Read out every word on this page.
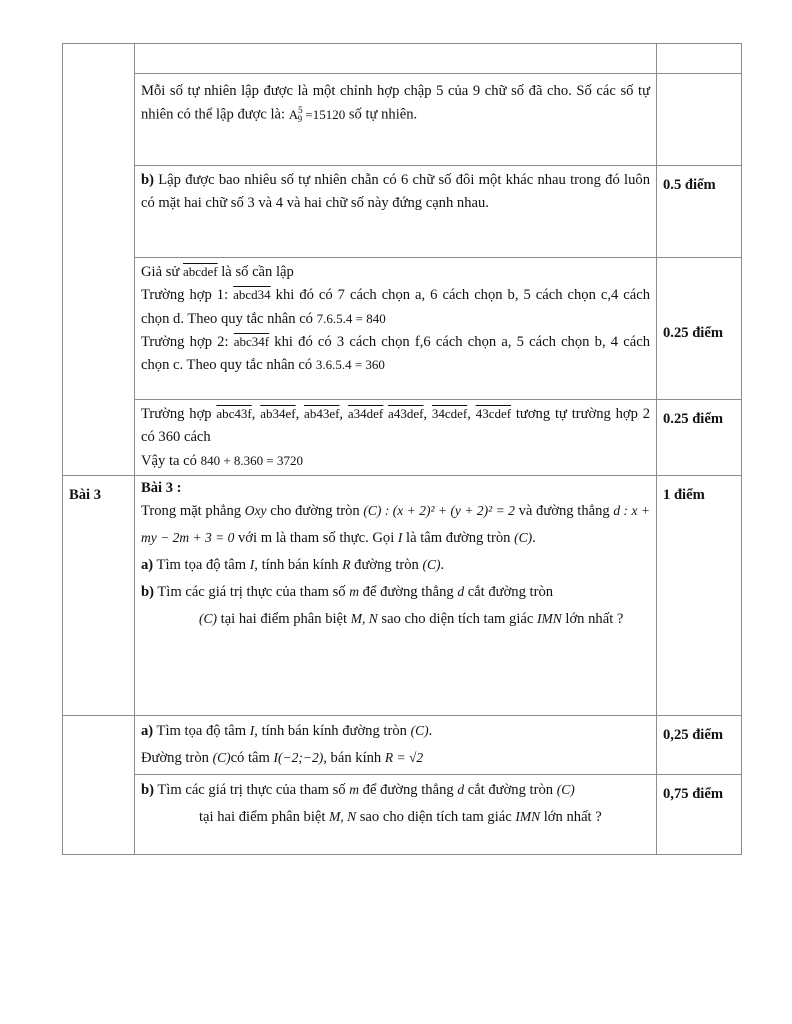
	Mỗi số tự nhiên lập được là một chỉnh hợp chập 5 của 9 chữ số đã cho. Số các số tự nhiên có thể lập được là: $A^5_9 =15120$ số tự nhiên.	

	b) Lập được bao nhiêu số tự nhiên chẵn có 6 chữ số đôi một khác nhau trong đó luôn có mặt hai chữ số 3 và 4 và hai chữ số này đứng cạnh nhau.	0.5 điểm

	Giả sử abcdef là số cần lập

Trường hợp 1: abcd34 khi đó có 7 cách chọn a, 6 cách chọn b, 5 cách chọn c,4 cách chọn d. Theo quy tắc nhân có 7.6.5.4 = 840

Trường hợp 2: abc34f khi đó có 3 cách chọn f,6 cách chọn a, 5 cách chọn b, 4 cách chọn c. Theo quy tắc nhân có 3.6.5.4 = 360	0.25 điểm

	Trường hợp abc43f, ab34ef, ab43ef, a34def a43def, 34cdef, 43cdef tương tự trường hợp 2 có 360 cách

Vậy ta có 840 + 8.360 = 3720	0.25 điểm
Bài 3	Bài 3 :

Trong mặt phẳng Oxy cho đường tròn (C) : (x + 2)² + (y + 2)² = 2 và đường thẳng d : x + my − 2m + 3 = 0 với m là tham số thực. Gọi I là tâm đường tròn (C).

a) Tìm tọa độ tâm I, tính bán kính R đường tròn (C).

b) Tìm các giá trị thực của tham số m để đường thẳng d cắt đường tròn

(C) tại hai điểm phân biệt M, N sao cho diện tích tam giác IMN lớn nhất ?	1 điểm

	a) Tìm tọa độ tâm I, tính bán kính đường tròn (C).

Đường tròn (C)có tâm I(−2;−2), bán kính R = √2	0,25 điểm

	b) Tìm các giá trị thực của tham số m để đường thẳng d cắt đường tròn (C)

tại hai điểm phân biệt M, N sao cho diện tích tam giác IMN lớn nhất ?	0,75 điểm
